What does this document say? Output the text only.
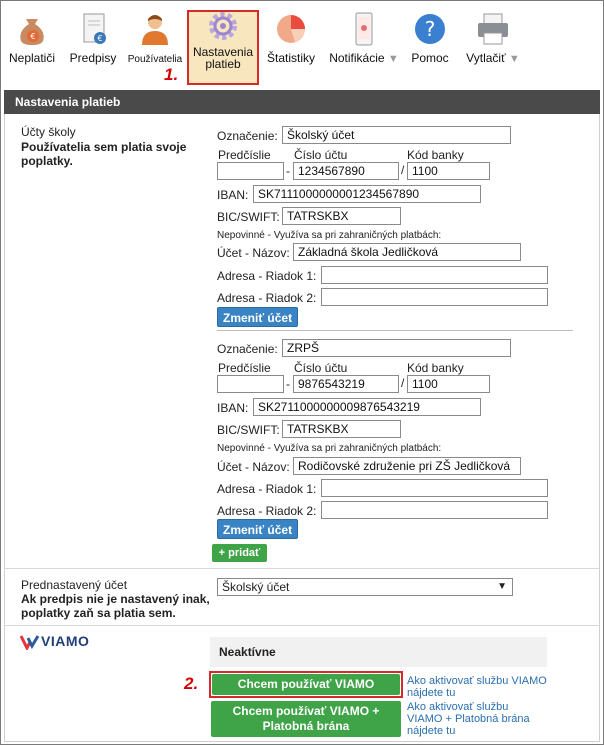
€
Neplatiči
€
Predpisy Používatelia
Nastavenia
platieb	Štatistiky Notifikácie ▼
?
Pomoc	Vytlačiť ▼
1.
Nastavenia platieb
Účty školy
Používatelia sem platia svoje
poplatky.
Označenie: Školský účet
Predčíslie Číslo účtu	Kód banky
- 1234567890	/ 1100
IBAN: SK7111000000001234567890
BIC/SWIFT: TATRSKBX
Nepovinné - Využíva sa pri zahraničných platbách:
Účet - Názov: Základná škola Jedličková
Adresa - Riadok 1:
Adresa - Riadok 2:
Zmeniť účet
Označenie: ZRPŠ
Predčíslie Číslo účtu	Kód banky
- 9876543219	/ 1100
IBAN: SK2711000000009876543219
BIC/SWIFT: TATRSKBX
Nepovinné - Využíva sa pri zahraničných platbách:
Účet - Názov: Rodičovské združenie pri ZŠ Jedličková
Adresa - Riadok 1:
Adresa - Riadok 2:
Zmeniť účet
+ pridať
Prednastavený účet
Ak predpis nie je nastavený inak,
poplatky zaň sa platia sem.
Školský účet	▼
VIAMO
Neaktívne
2.	Chcem používať VIAMO
Chcem používať VIAMO +
Platobná brána
Ako aktivovať službu VIAMO
nájdete tu
Ako aktivovať službu
VIAMO + Platobná brána
nájdete tu
